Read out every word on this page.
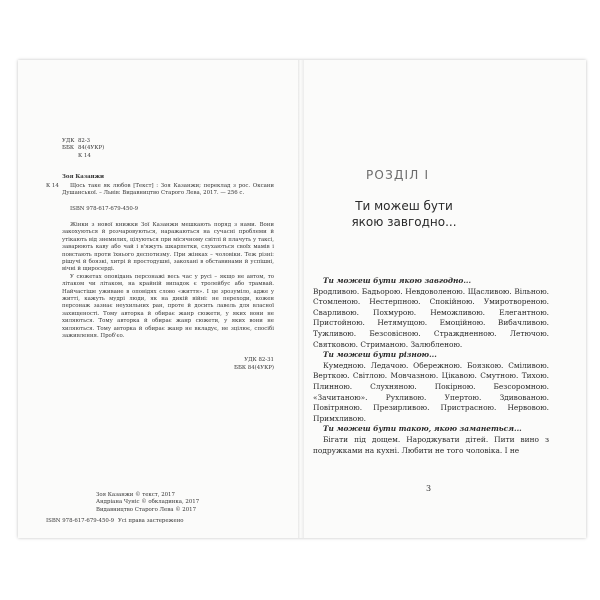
УДК 82-3
ББК 84(4УКР)
К 14
Зоя Казанжи
К 14	Щось таке як любов [Текст] : Зоя Казанжи; переклад з рос. Оксани Душанської. – Львів: Видавництво Старого Лева, 2017. — 256 с.
ISBN 978-617-679-450-9

Жінки з нової книжки Зої Казанжи мешкають поряд з нами. Вони закохуються й розчаровуються, наражаються на сучасні проблеми й утікають від знемилих, цілуються при місячному світлі й плачуть у таксі, заварюють каву або чай і в'яжуть шкарпетки, слухаються своїх мамів і повстають проти їхнього деспотизму. При жінках – чоловіки. Теж різні: рішучі й боязкі, хитрі й простодушні, закохані в обставинами й успішні, вічні й щиросерді.

У сюжетах оповідань персонажі весь час у русі – якщо не автом, то літаком чи літаком, на крайній випадок є тролейбус або трамвай. Найчастіше уживане в оповідях слово «життя». І це зрозуміло, адже у житті, кажуть мудрі люди, як на дикій війні: не переходи, кожен персонаж зазнає неухильних ран, проте й досить лавель для власної захищеності. Тому авторка й обирає жанр сюжети, у яких вони не хиляються. Тому авторка й обирає жанр сюжети, у яких вони не хиляються. Тому авторка й обирає жанр не вкладує, не зцілює, спосібі заживлення. Проб'єо.

УДК 82-31
ББК 84(4УКР)
Зоя Казанжи © текст, 2017
Андріана Чуніс © обкладинка, 2017
Видавництво Старого Лева © 2017
ISBN 978-617-679-450-9 Усі права застережено
РОЗДІЛ І
Ти можеш бути
якою завгодно...

Ти можеш бути якою завгодно...

Вродливою. Бадьорою. Невдоволеною. Щасливою. Вільною. Стомленою. Нестерпною. Спокійною. Умиротвореною. Сварливою. Похмурою. Неможливою. Елегантною. Пристойною. Нетямущою. Емоційною. Вибачливою. Тужливою. Безсовісною. Страждненною. Летючою. Святковою. Стриманою. Залюбленою.

Ти можеш бути різною...

Кумедною. Ледачою. Обережною. Боязкою. Сміливою. Верткою. Світлою. Мовчазною. Цікавою. Смутною. Тихою. Плинною. Слухняною. Покірною. Безсоромною. «Зачитаною». Рухливою. Упертою. Здивованою. Повітряною. Презирливою. Пристрасною. Нервовою. Примхливою.

Ти можеш бути такою, якою заманеться...

Бігати під дощем. Народжувати дітей. Пити вино з подружками на кухні. Любити не того чоловіка. І не

3
